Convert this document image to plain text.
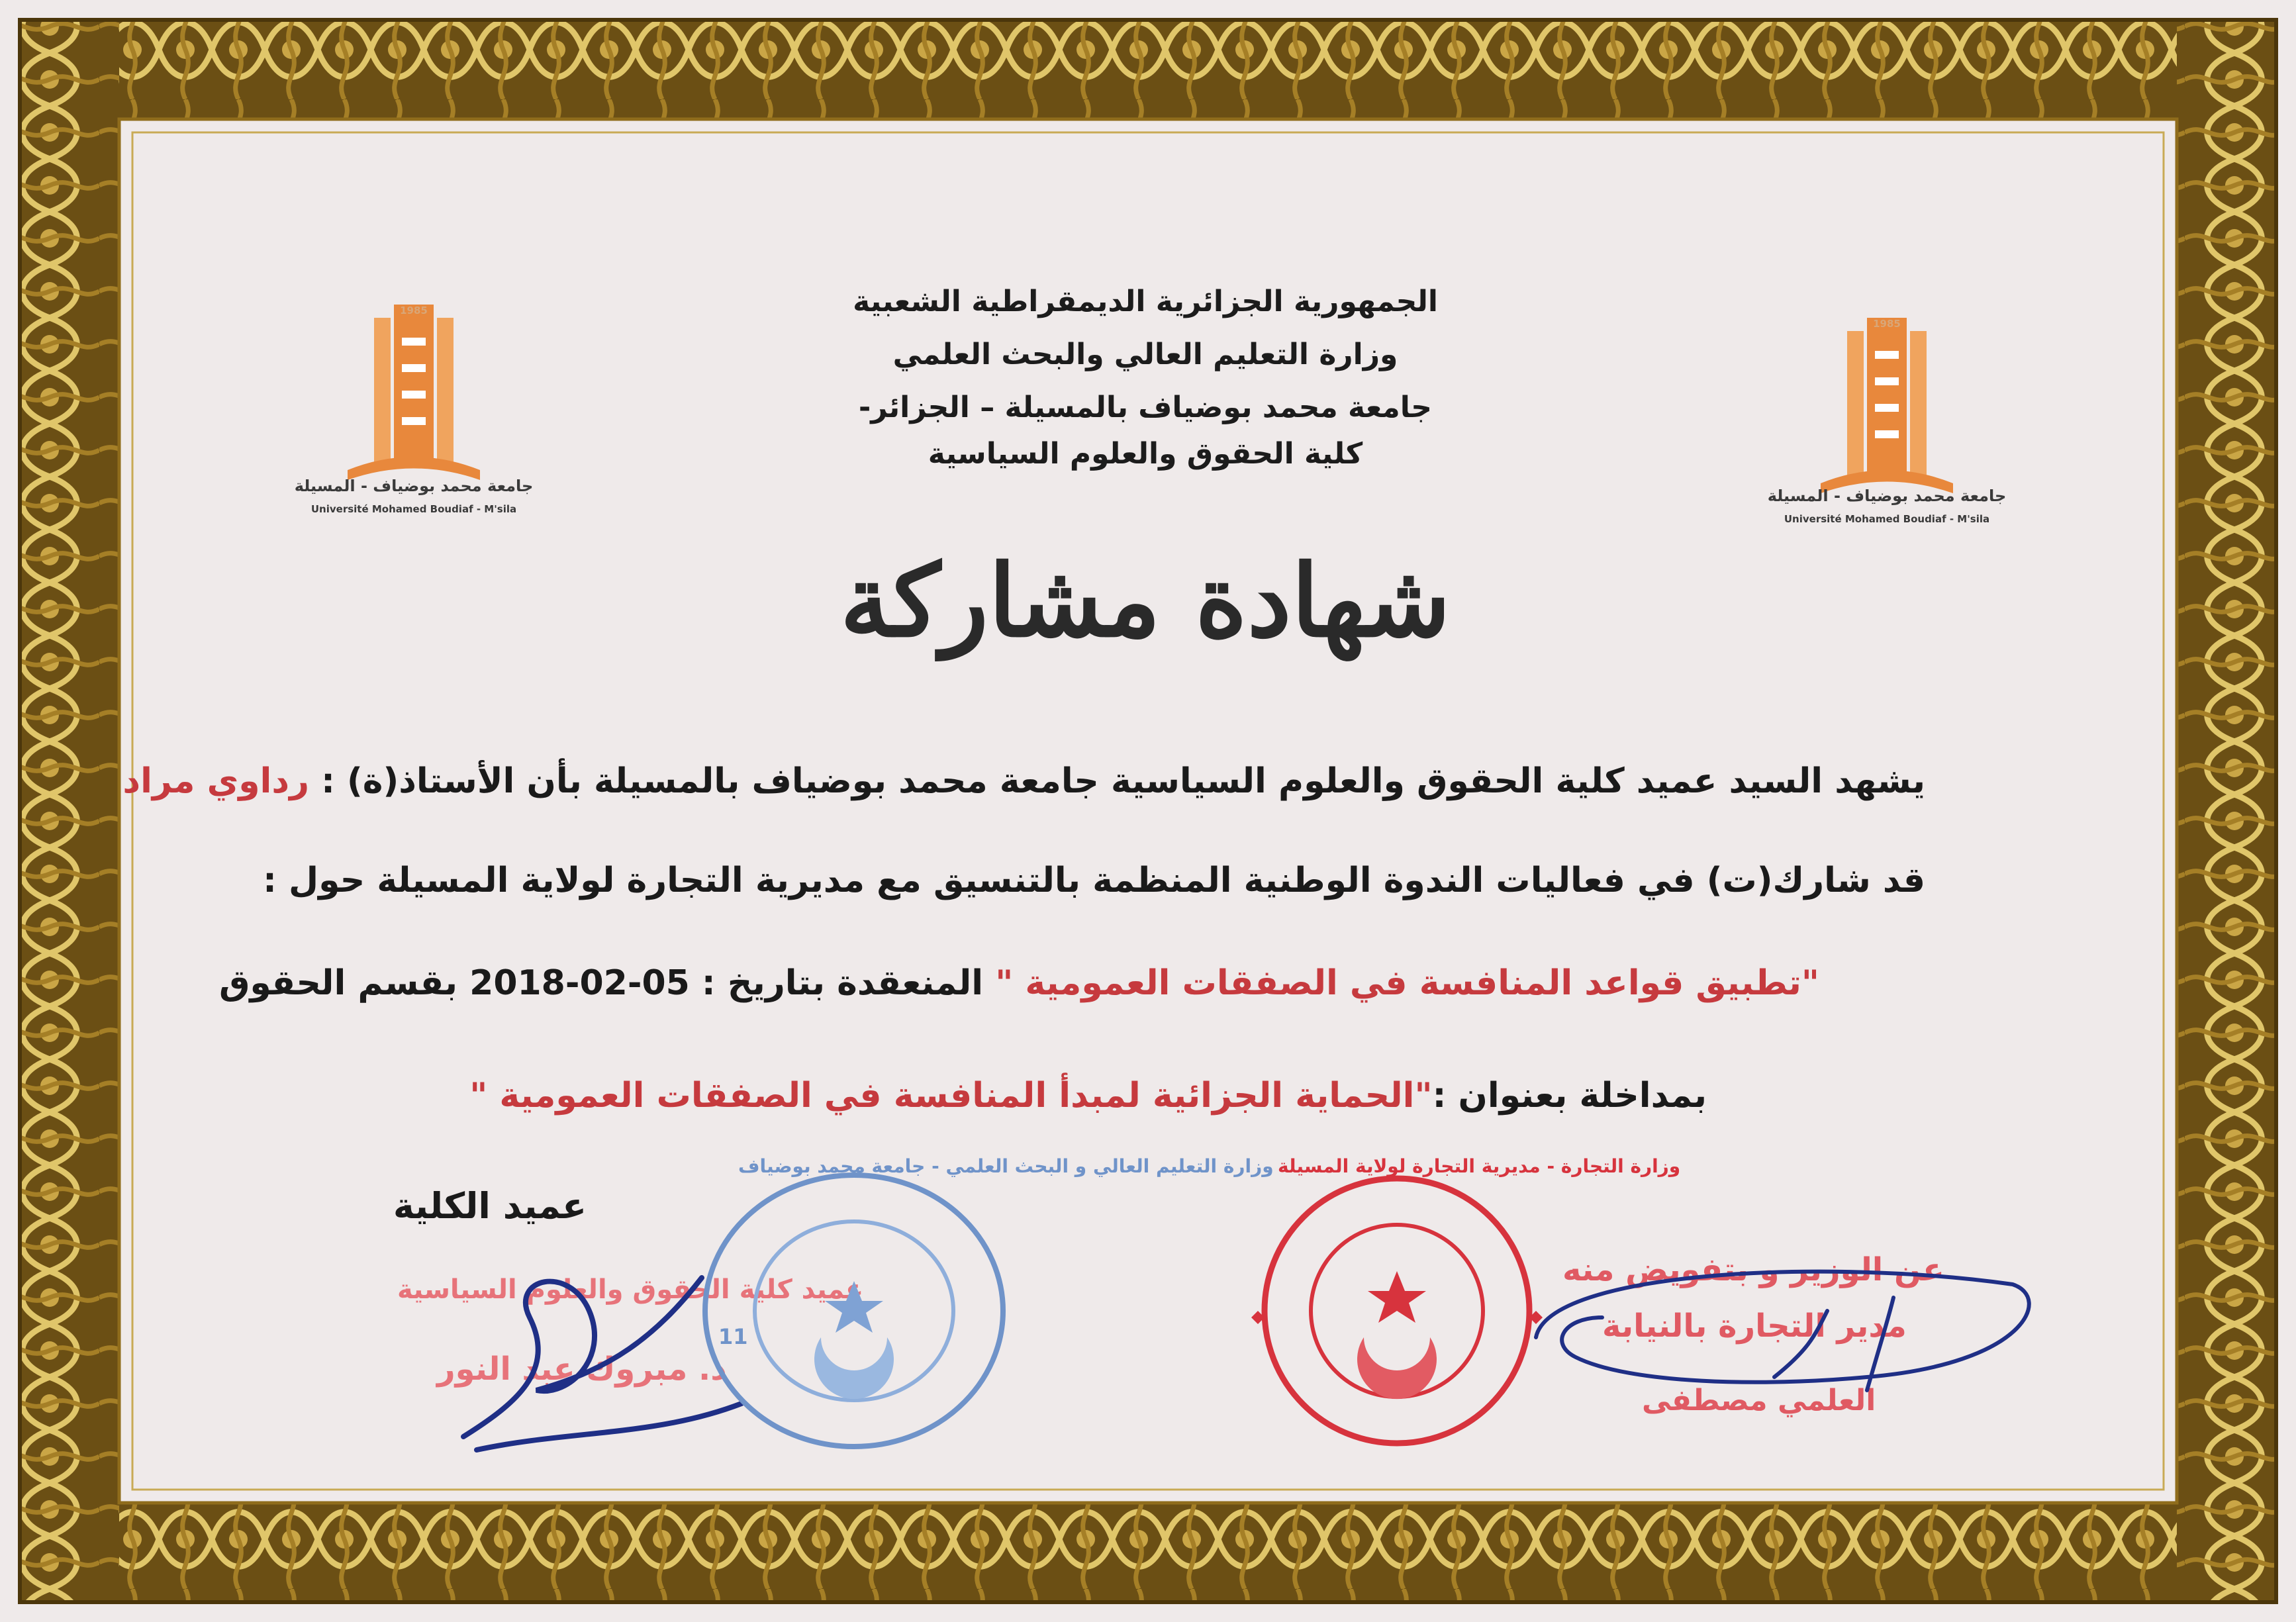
جامعة محمد بوضياف - المسيلة
Université Mohamed Boudiaf - M'sila
1985
جامعة محمد بوضياف - المسيلة
Université Mohamed Boudiaf - M'sila
1985
الجمهورية الجزائرية الديمقراطية الشعبية
وزارة التعليم العالي والبحث العلمي
جامعة محمد بوضياف بالمسيلة – الجزائر-
كلية الحقوق والعلوم السياسية
شهادة مشاركة
يشهد السيد عميد كلية الحقوق والعلوم السياسية جامعة محمد بوضياف بالمسيلة بأن الأستاذ(ة) : رداوي مراد
قد شارك(ت) في فعاليات الندوة الوطنية المنظمة بالتنسيق مع مديرية التجارة لولاية المسيلة حول :
"تطبيق قواعد المنافسة في الصفقات العمومية " المنعقدة بتاريخ : 05-02-2018 بقسم الحقوق
بمداخلة بعنوان :"الحماية الجزائية لمبدأ المنافسة في الصفقات العمومية "
عميد الكلية
عميد كلية الحقوق والعلوم السياسية
د. مبروك عبد النور
وزارة التعليم العالي و البحث العلمي - جامعة محمد بوضياف
11
وزارة التجارة - مديرية التجارة لولاية المسيلة
عن الوزير و بتفويض منه
مدير التجارة بالنيابة
العلمي مصطفى
